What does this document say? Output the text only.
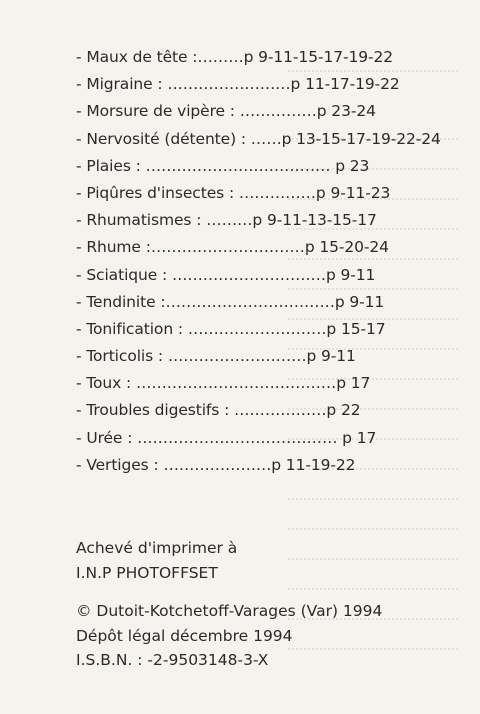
- Maux de tête :………p 9-11-15-17-19-22
- Migraine : ……………………p 11-17-19-22
- Morsure de vipère : ……………p 23-24
- Nervosité (détente) : ……p 13-15-17-19-22-24
- Plaies : ……………………………… p 23
- Piqûres d'insectes : ……………p 9-11-23
- Rhumatismes : ………p 9-11-13-15-17
- Rhume :…………………………p 15-20-24
- Sciatique : …………………………p 9-11
- Tendinite :……………………………p 9-11
- Tonification : ………………………p 15-17
- Torticolis : ………………………p 9-11
- Toux : …………………………………p 17
- Troubles digestifs : ………………p 22
- Urée : ………………………………… p 17
- Vertiges : …………………p 11-19-22
Achevé d'imprimer à
I.N.P PHOTOFFSET
© Dutoit-Kotchetoff-Varages (Var) 1994
Dépôt légal décembre 1994
I.S.B.N. : -2-9503148-3-X
